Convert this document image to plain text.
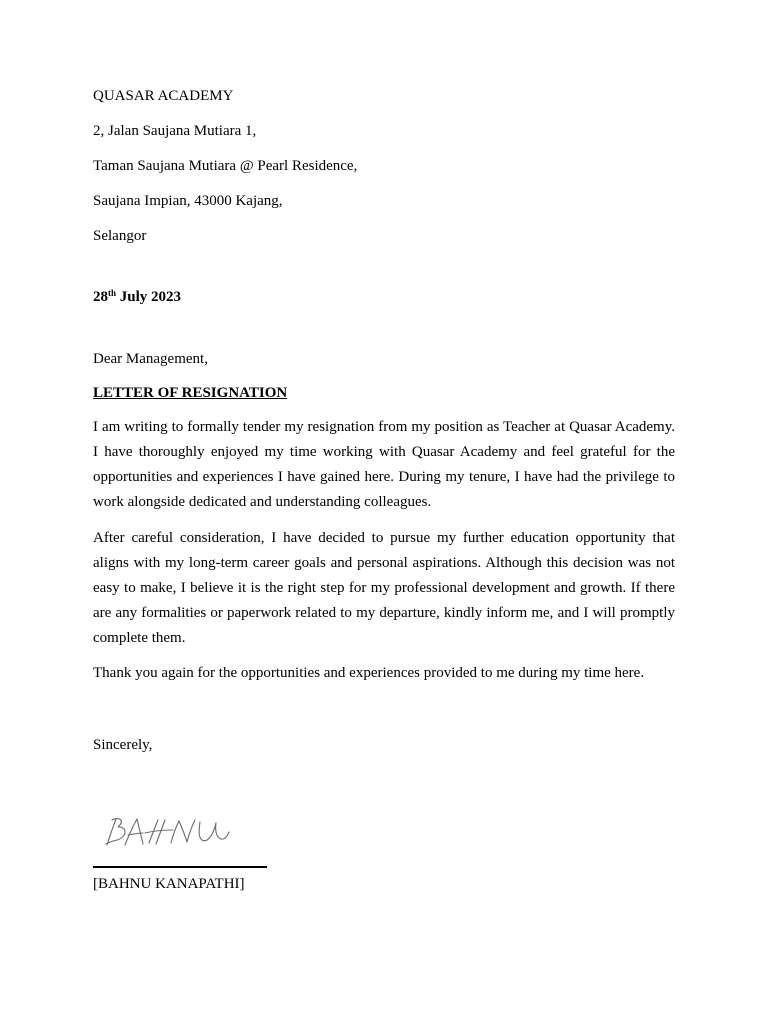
QUASAR ACADEMY
2, Jalan Saujana Mutiara 1,
Taman Saujana Mutiara @ Pearl Residence,
Saujana Impian, 43000 Kajang,
Selangor
28th July 2023
Dear Management,
LETTER OF RESIGNATION
I am writing to formally tender my resignation from my position as Teacher at Quasar Academy. I have thoroughly enjoyed my time working with Quasar Academy and feel grateful for the opportunities and experiences I have gained here. During my tenure, I have had the privilege to work alongside dedicated and understanding colleagues.
After careful consideration, I have decided to pursue my further education opportunity that aligns with my long-term career goals and personal aspirations. Although this decision was not easy to make, I believe it is the right step for my professional development and growth. If there are any formalities or paperwork related to my departure, kindly inform me, and I will promptly complete them.
Thank you again for the opportunities and experiences provided to me during my time here.
Sincerely,
[BAHNU KANAPATHI]
